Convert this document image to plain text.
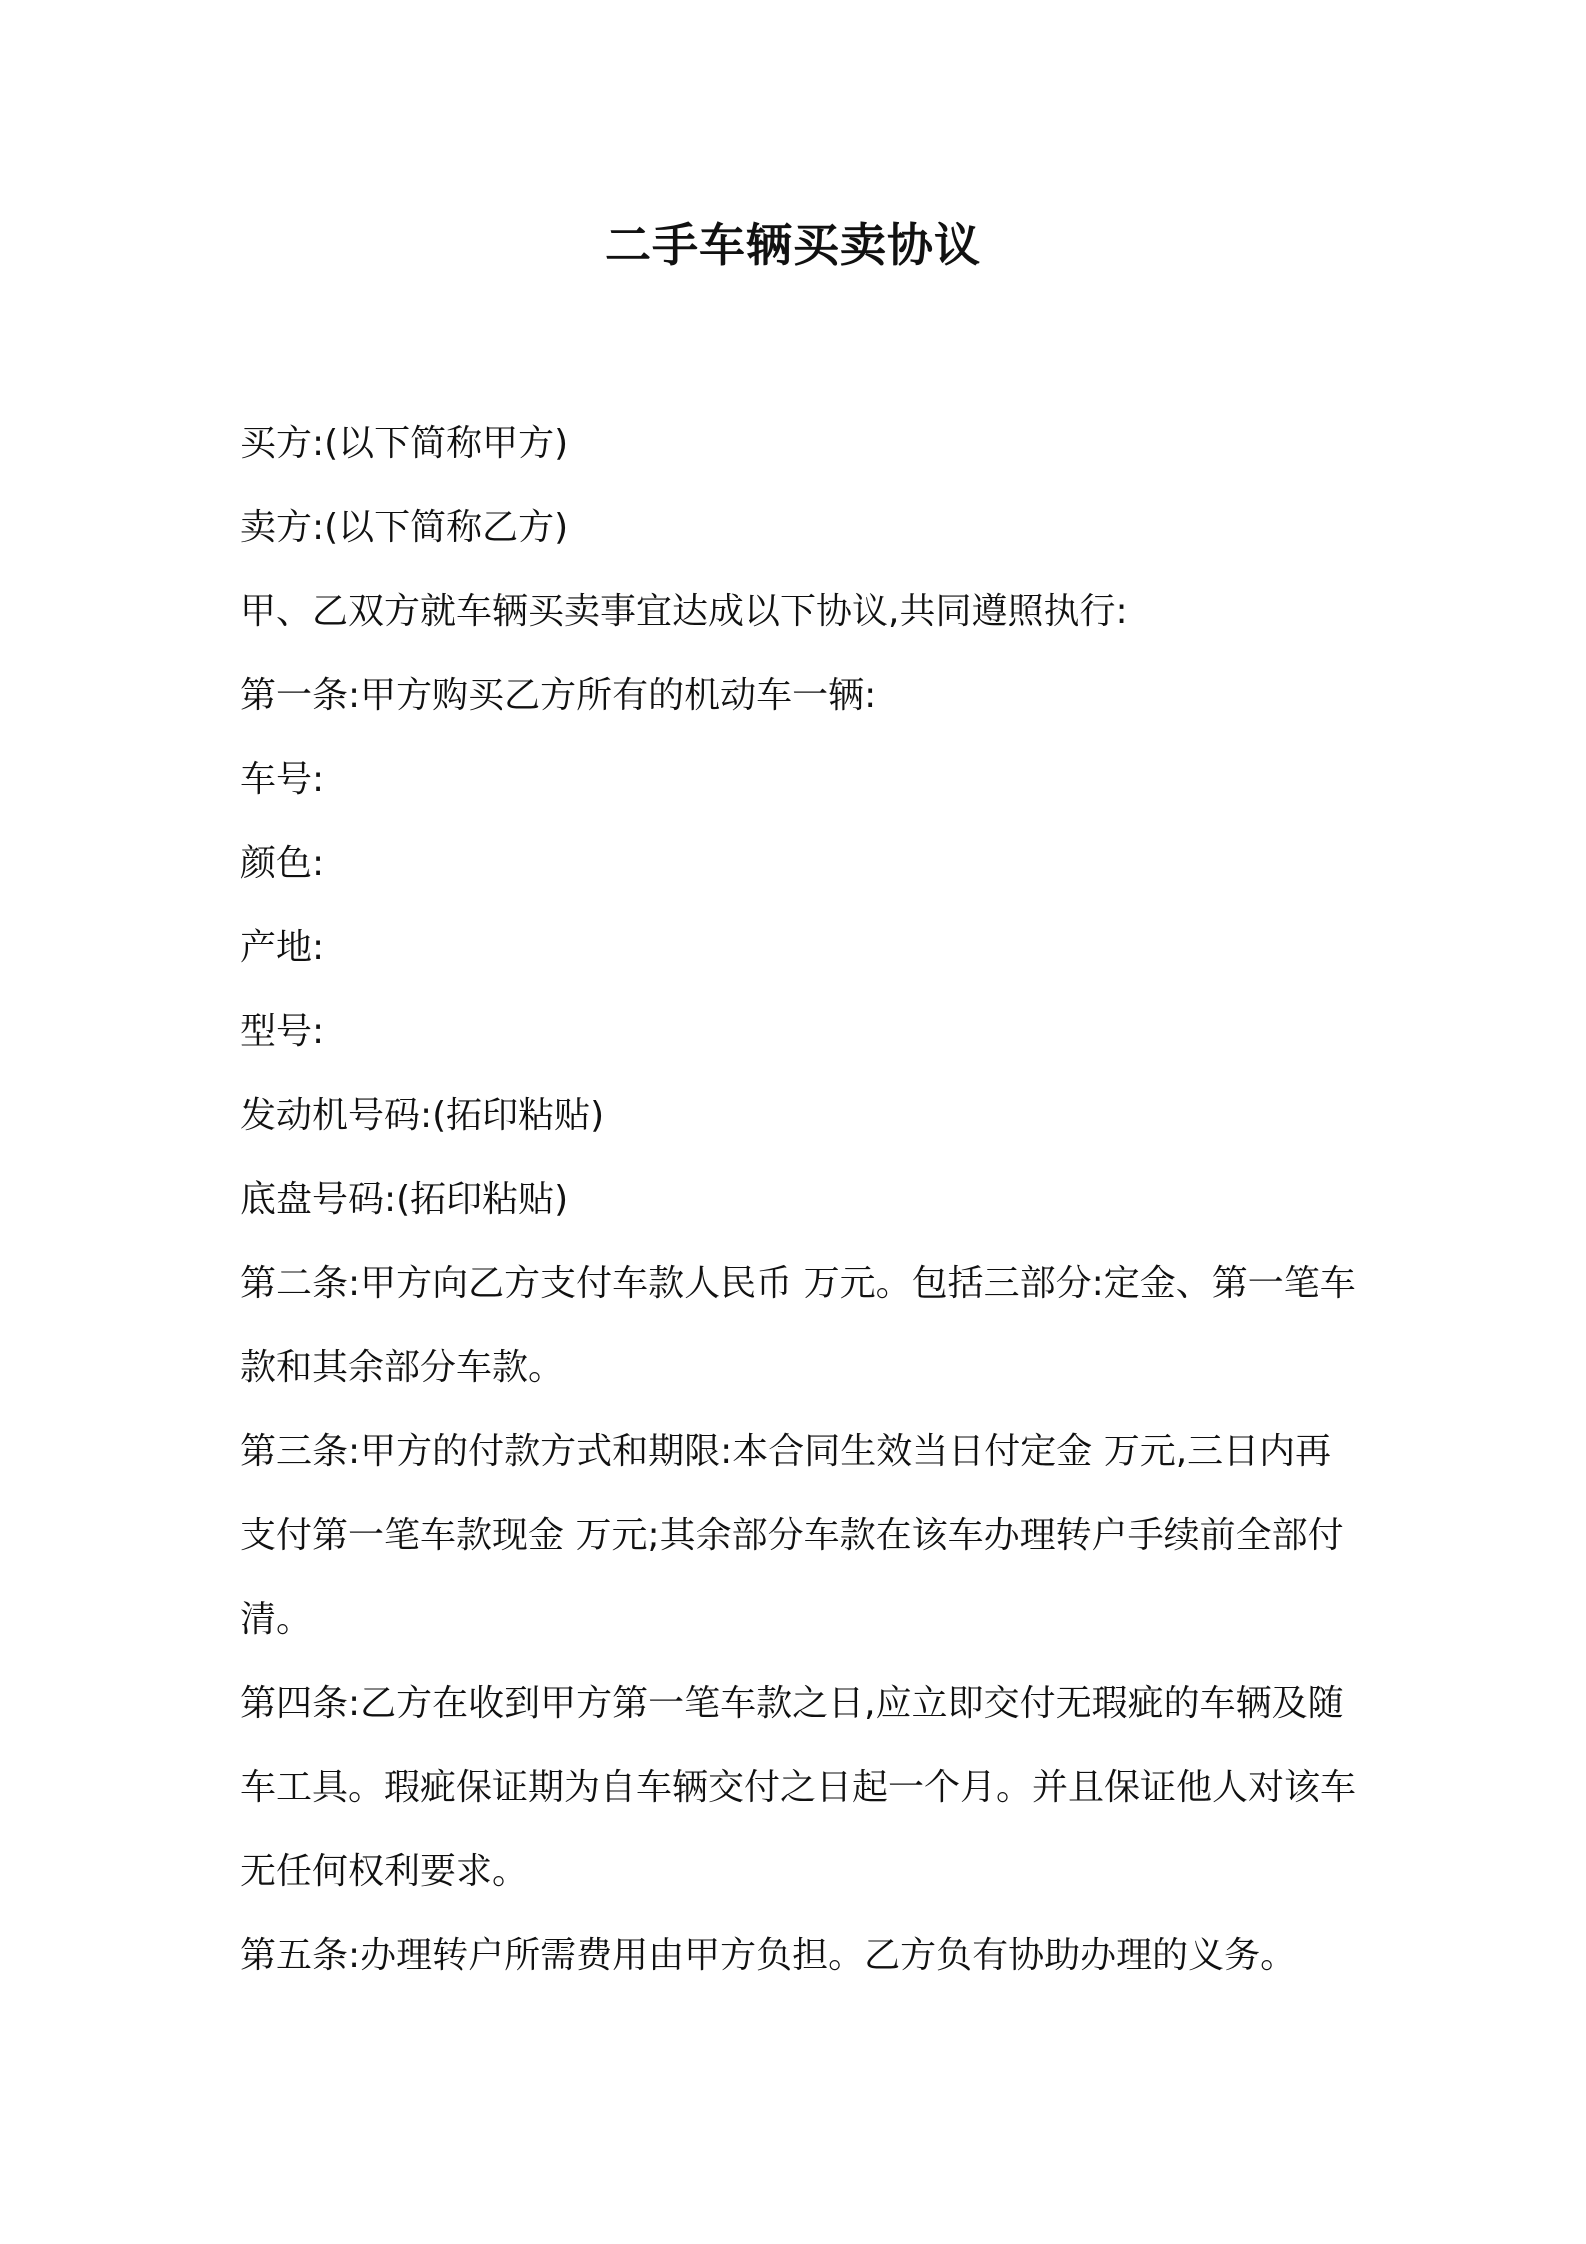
二手车辆买卖协议

买方:(以下简称甲方)

卖方:(以下简称乙方)

甲、乙双方就车辆买卖事宜达成以下协议,共同遵照执行:

第一条:甲方购买乙方所有的机动车一辆:

车号:

颜色:

产地:

型号:

发动机号码:(拓印粘贴)

底盘号码:(拓印粘贴)

第二条:甲方向乙方支付车款人民币 万元。包括三部分:定金、第一笔车款和其余部分车款。

第三条:甲方的付款方式和期限:本合同生效当日付定金 万元,三日内再支付第一笔车款现金 万元;其余部分车款在该车办理转户手续前全部付清。

第四条:乙方在收到甲方第一笔车款之日,应立即交付无瑕疵的车辆及随车工具。瑕疵保证期为自车辆交付之日起一个月。并且保证他人对该车无任何权利要求。

第五条:办理转户所需费用由甲方负担。乙方负有协助办理的义务。
